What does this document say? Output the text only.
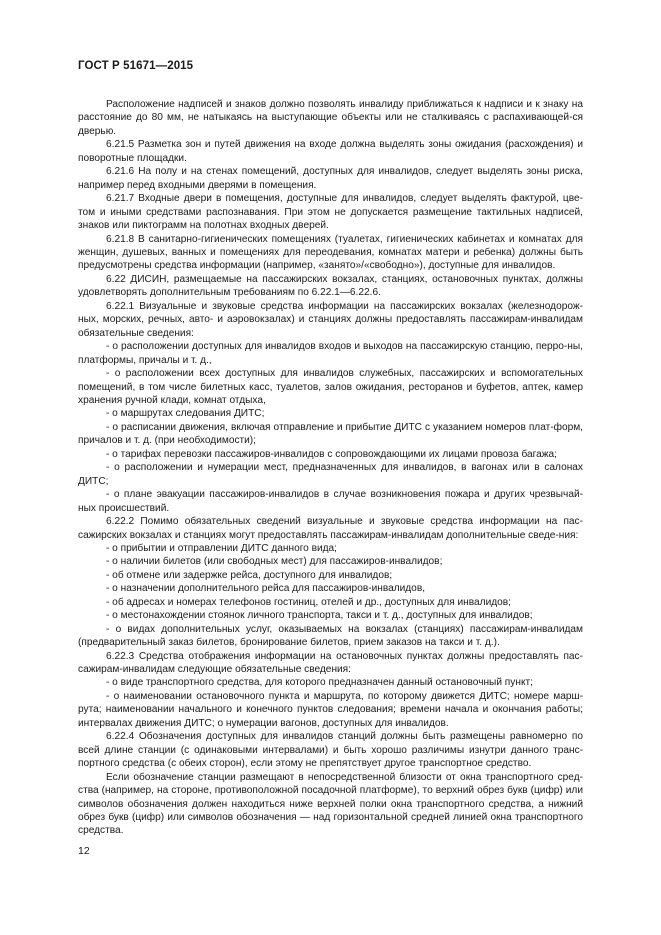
ГОСТ Р 51671—2015

Расположение надписей и знаков должно позволять инвалиду приближаться к надписи и к знаку на расстояние до 80 мм, не натыкаясь на выступающие объекты или не сталкиваясь с распахивающей-ся дверью.

6.21.5 Разметка зон и путей движения на входе должна выделять зоны ожидания (расхождения) и поворотные площадки.

6.21.6 На полу и на стенах помещений, доступных для инвалидов, следует выделять зоны риска, например перед входными дверями в помещения.

6.21.7 Входные двери в помещения, доступные для инвалидов, следует выделять фактурой, цве-том и иными средствами распознавания. При этом не допускается размещение тактильных надписей, знаков или пиктограмм на полотнах входных дверей.

6.21.8 В санитарно-гигиенических помещениях (туалетах, гигиенических кабинетах и комнатах для женщин, душевых, ванных и помещениях для переодевания, комнатах матери и ребенка) должны быть предусмотрены средства информации (например, «занято»/«свободно»), доступные для инвалидов.

6.22 ДИСИН, размещаемые на пассажирских вокзалах, станциях, остановочных пунктах, должны удовлетворять дополнительным требованиям по 6.22.1—6.22.6.

6.22.1 Визуальные и звуковые средства информации на пассажирских вокзалах (железнодорож-ных, морских, речных, авто- и аэровокзалах) и станциях должны предоставлять пассажирам-инвалидам обязательные сведения:

- о расположении доступных для инвалидов входов и выходов на пассажирскую станцию, перро-ны, платформы, причалы и т. д.,

- о расположении всех доступных для инвалидов служебных, пассажирских и вспомогательных помещений, в том числе билетных касс, туалетов, залов ожидания, ресторанов и буфетов, аптек, камер хранения ручной клади, комнат отдыха,

- о маршрутах следования ДИТС;

- о расписании движения, включая отправление и прибытие ДИТС с указанием номеров плат-форм, причалов и т. д. (при необходимости);

- о тарифах перевозки пассажиров-инвалидов с сопровождающими их лицами провоза багажа;

- о расположении и нумерации мест, предназначенных для инвалидов, в вагонах или в салонах ДИТС;

- о плане эвакуации пассажиров-инвалидов в случае возникновения пожара и других чрезвычай-ных происшествий.

6.22.2 Помимо обязательных сведений визуальные и звуковые средства информации на пас-сажирских вокзалах и станциях могут предоставлять пассажирам-инвалидам дополнительные сведе-ния:

- о прибытии и отправлении ДИТС данного вида;

- о наличии билетов (или свободных мест) для пассажиров-инвалидов;

- об отмене или задержке рейса, доступного для инвалидов;

- о назначении дополнительного рейса для пассажиров-инвалидов,

- об адресах и номерах телефонов гостиниц, отелей и др., доступных для инвалидов;

- о местонахождении стоянок личного транспорта, такси и т. д., доступных для инвалидов;

- о видах дополнительных услуг, оказываемых на вокзалах (станциях) пассажирам-инвалидам (предварительный заказ билетов, бронирование билетов, прием заказов на такси и т. д.).

6.22.3 Средства отображения информации на остановочных пунктах должны предоставлять пас-сажирам-инвалидам следующие обязательные сведения:

- о виде транспортного средства, для которого предназначен данный остановочный пункт;

- о наименовании остановочного пункта и маршрута, по которому движется ДИТС; номере марш-рута; наименовании начального и конечного пунктов следования; времени начала и окончания работы; интервалах движения ДИТС; о нумерации вагонов, доступных для инвалидов.

6.22.4 Обозначения доступных для инвалидов станций должны быть размещены равномерно по всей длине станции (с одинаковыми интервалами) и быть хорошо различимы изнутри данного транс-портного средства (с обеих сторон), если этому не препятствует другое транспортное средство.

Если обозначение станции размещают в непосредственной близости от окна транспортного сред-ства (например, на стороне, противоположной посадочной платформе), то верхний обрез букв (цифр) или символов обозначения должен находиться ниже верхней полки окна транспортного средства, а нижний обрез букв (цифр) или символов обозначения — над горизонтальной средней линией окна транспортного средства.

12
